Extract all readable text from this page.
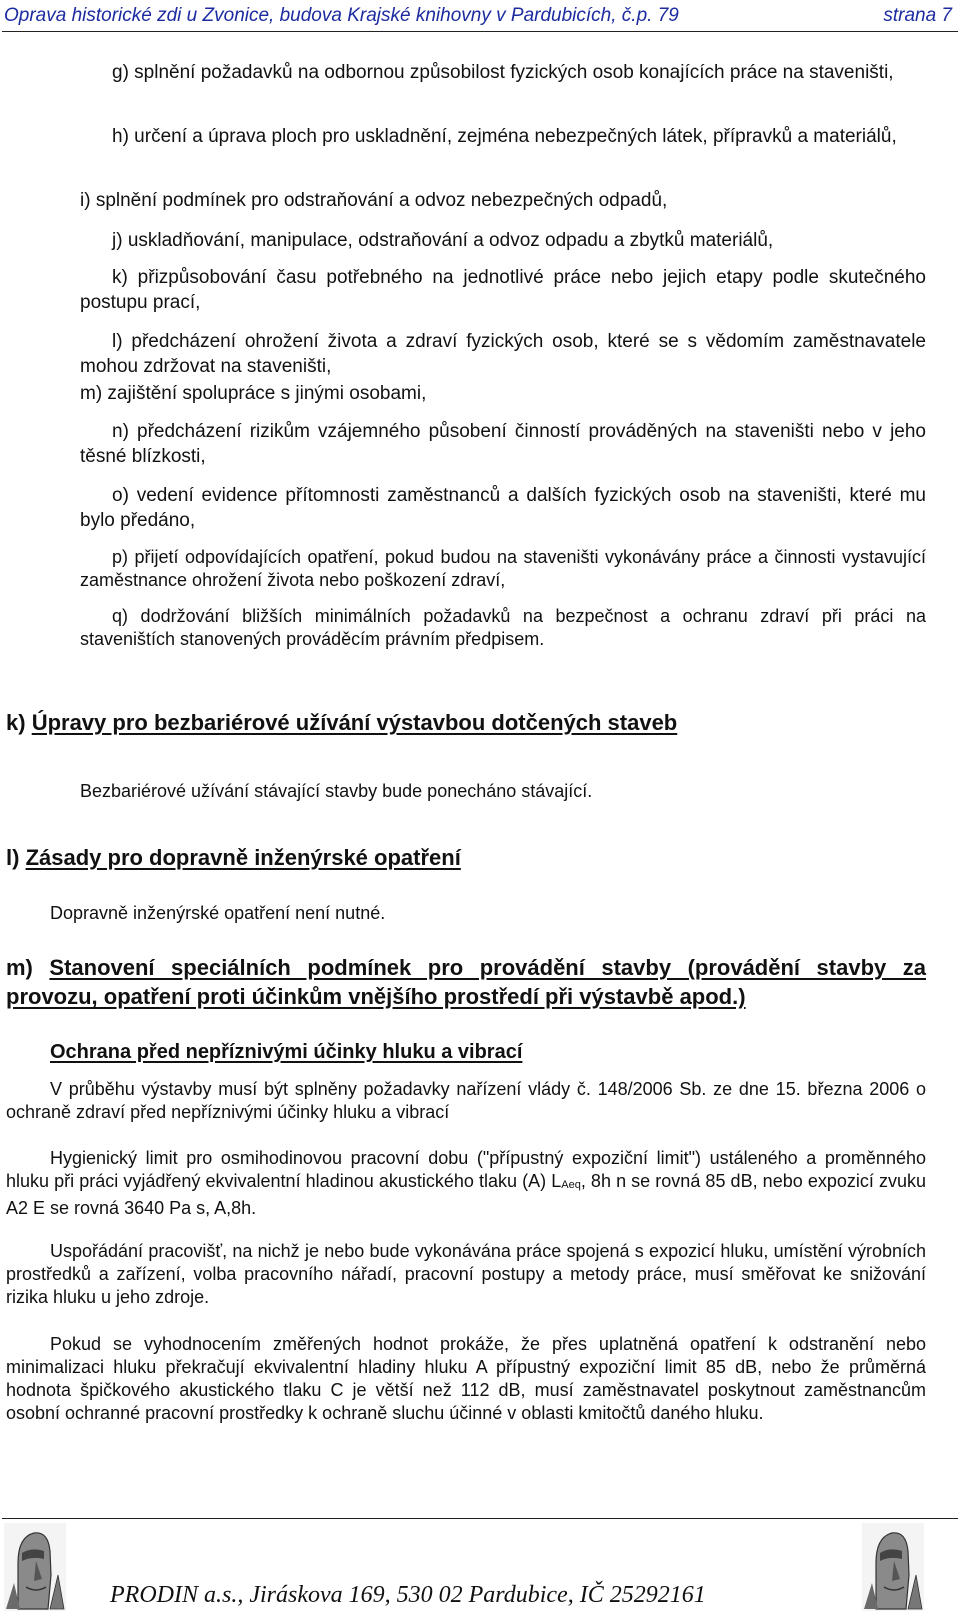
Oprava historické zdi u Zvonice, budova Krajské knihovny v Pardubicích, č.p. 79	strana 7
g) splnění požadavků na odbornou způsobilost fyzických osob konajících práce na staveništi,
h) určení a úprava ploch pro uskladnění, zejména nebezpečných látek, přípravků a materiálů,
i) splnění podmínek pro odstraňování a odvoz nebezpečných odpadů,
j) uskladňování, manipulace, odstraňování a odvoz odpadu a zbytků materiálů,
k) přizpůsobování času potřebného na jednotlivé práce nebo jejich etapy podle skutečného postupu prací,
l) předcházení ohrožení života a zdraví fyzických osob, které se s vědomím zaměstnavatele mohou zdržovat na staveništi,
m) zajištění spolupráce s jinými osobami,
n) předcházení rizikům vzájemného působení činností prováděných na staveništi nebo v jeho těsné blízkosti,
o) vedení evidence přítomnosti zaměstnanců a dalších fyzických osob na staveništi, které mu bylo předáno,
p) přijetí odpovídajících opatření, pokud budou na staveništi vykonávány práce a činnosti vystavující zaměstnance ohrožení života nebo poškození zdraví,
q) dodržování bližších minimálních požadavků na bezpečnost a ochranu zdraví při práci na staveništích stanovených prováděcím právním předpisem.
k) Úpravy pro bezbariérové užívání výstavbou dotčených staveb
Bezbariérové užívání stávající stavby bude ponecháno stávající.
l) Zásady pro dopravně inženýrské opatření
Dopravně inženýrské opatření není nutné.
m) Stanovení speciálních podmínek pro provádění stavby (provádění stavby za provozu, opatření proti účinkům vnějšího prostředí při výstavbě apod.)
Ochrana před nepříznivými účinky hluku a vibrací
V průběhu výstavby musí být splněny požadavky nařízení vlády č. 148/2006 Sb. ze dne 15. března 2006 o ochraně zdraví před nepříznivými účinky hluku a vibrací
Hygienický limit pro osmihodinovou pracovní dobu ("přípustný expoziční limit") ustáleného a proměnného hluku při práci vyjádřený ekvivalentní hladinou akustického tlaku (A) $L_{Aeq}$, 8h n se rovná 85 dB, nebo expozicí zvuku A2 E se rovná 3640 Pa s, A,8h.
Uspořádání pracovišť, na nichž je nebo bude vykonávána práce spojená s expozicí hluku, umístění výrobních prostředků a zařízení, volba pracovního nářadí, pracovní postupy a metody práce, musí směřovat ke snižování rizika hluku u jeho zdroje.
Pokud se vyhodnocením změřených hodnot prokáže, že přes uplatněná opatření k odstranění nebo minimalizaci hluku překračují ekvivalentní hladiny hluku A přípustný expoziční limit 85 dB, nebo že průměrná hodnota špičkového akustického tlaku C je větší než 112 dB, musí zaměstnavatel poskytnout zaměstnancům osobní ochranné pracovní prostředky k ochraně sluchu účinné v oblasti kmitočtů daného hluku.
PRODIN a.s., Jiráskova 169, 530 02 Pardubice, IČ 25292161
